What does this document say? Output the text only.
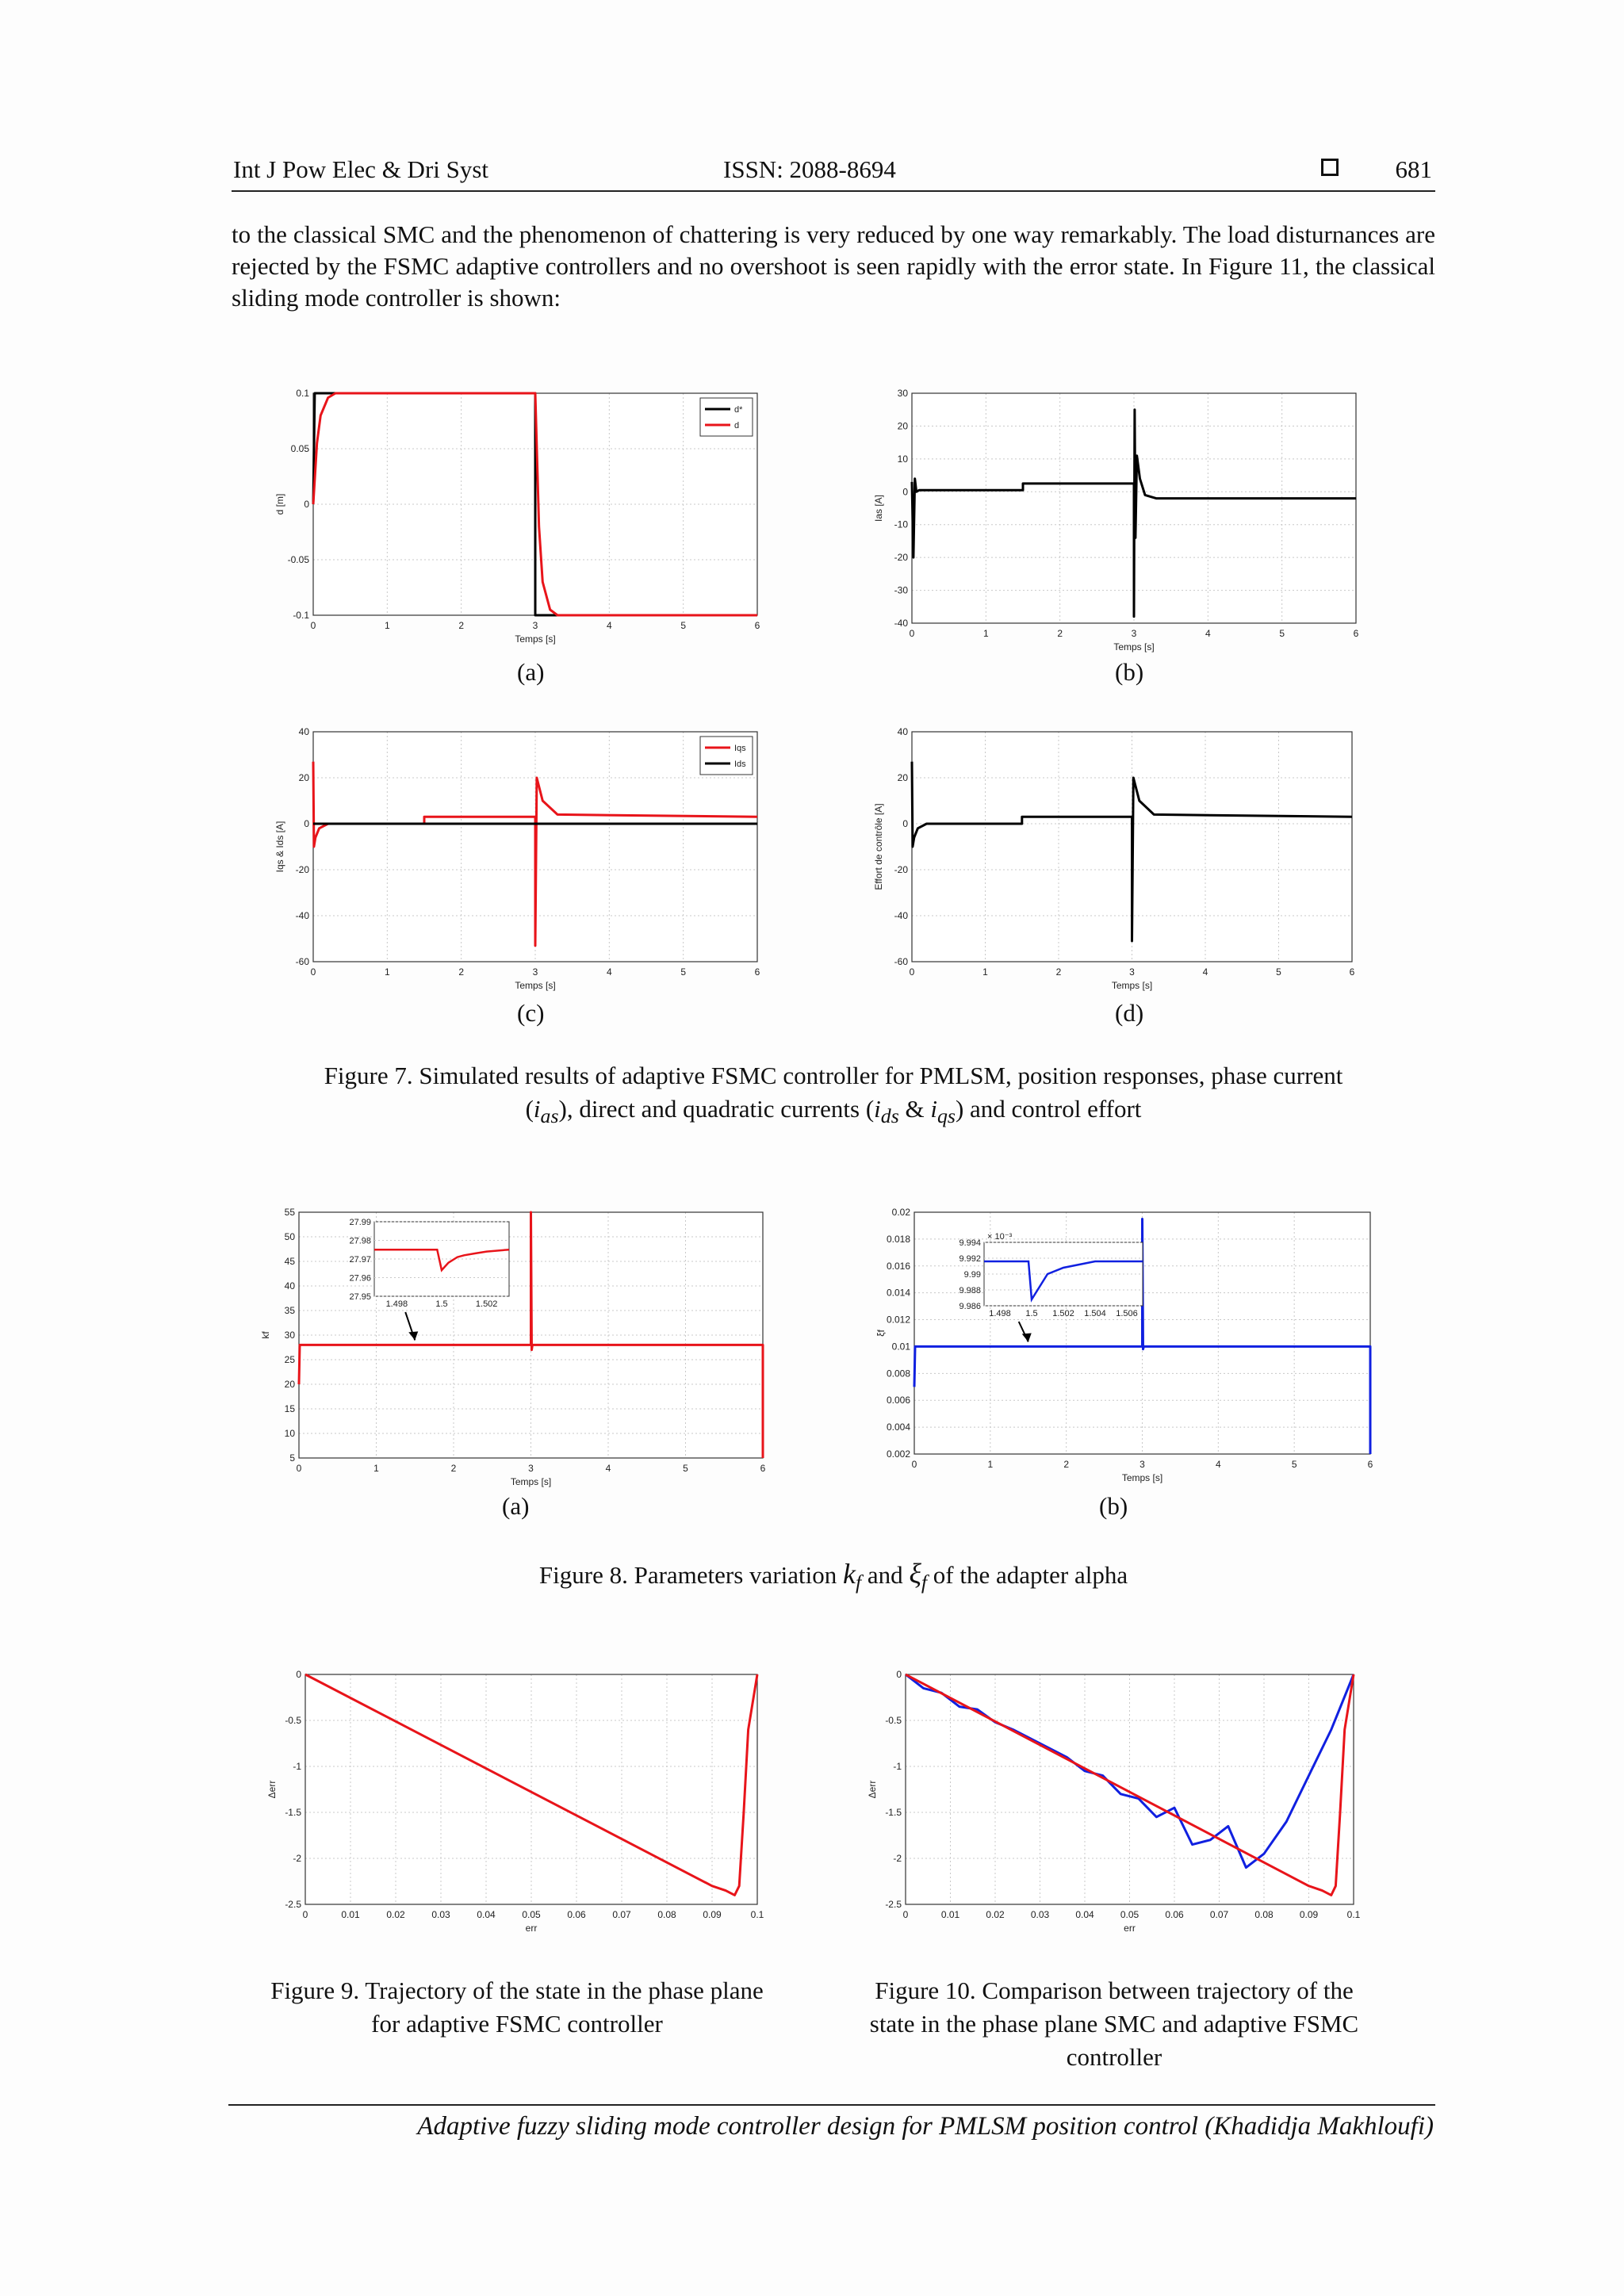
Int J Pow Elec & Dri Syst	ISSN: 2088-8694	681

to the classical SMC and the phenomenon of chattering is very reduced by one way remarkably. The load disturnances are rejected by the FSMC adaptive controllers and no overshoot is seen rapidly with the error state. In Figure 11, the classical sliding mode controller is shown:

0	1	2	3	4	5	6
-0.1
-0.05
0
0.05
0.1
Temps [s]
d [m]
d*
d
0	1	2	3	4	5	6
-40
-30
-20
-10
0
10
20
30
Temps [s]
Ias [A]
0	1	2	3	4	5	6
-60
-40
-20
0
20
40
Temps [s]
Iqs & Ids [A]
Iqs
Ids
0	1	2	3	4	5	6
-60
-40
-20
0
20
40
Temps [s]
Effort de contrôle [A]
(a)	(b)
(c)	(d)
Figure 7. Simulated results of adaptive FSMC controller for PMLSM, position responses, phase current
$(i_{as})$, direct and quadratic currents ($i_{ds}$ & $i_{qs}$) and control effort
0	1	2	3	4	5	6
5
10
15
20
25
30
35
40
45
50
55
Temps [s]
kf
1.498	1.5	1.502
27.95
27.96
27.97
27.98
27.99
0	1	2	3	4	5	6
0.002
0.004
0.006
0.008
0.01
0.012
0.014
0.016
0.018
0.02
Temps [s]
ξf
1.498 1.5 1.502 1.504 1.506
9.986
9.988
9.99
9.992
9.994
× 10⁻³
(a)	(b)
Figure 8. Parameters variation $k_f$ and $\xi_f$ of the adapter alpha
0	0.01	0.02	0.03	0.04	0.05	0.06	0.07	0.08	0.09	0.1
-2.5
-2
-1.5
-1
-0.5
0
err
Δerr
0	0.01	0.02	0.03	0.04	0.05	0.06	0.07	0.08	0.09	0.1
-2.5
-2
-1.5
-1
-0.5
0
err
Δerr
Figure 9. Trajectory of the state in the phase plane
for adaptive FSMC controller
Figure 10. Comparison between trajectory of the
state in the phase plane SMC and adaptive FSMC
controller
Adaptive fuzzy sliding mode controller design for PMLSM position control (Khadidja Makhloufi)
